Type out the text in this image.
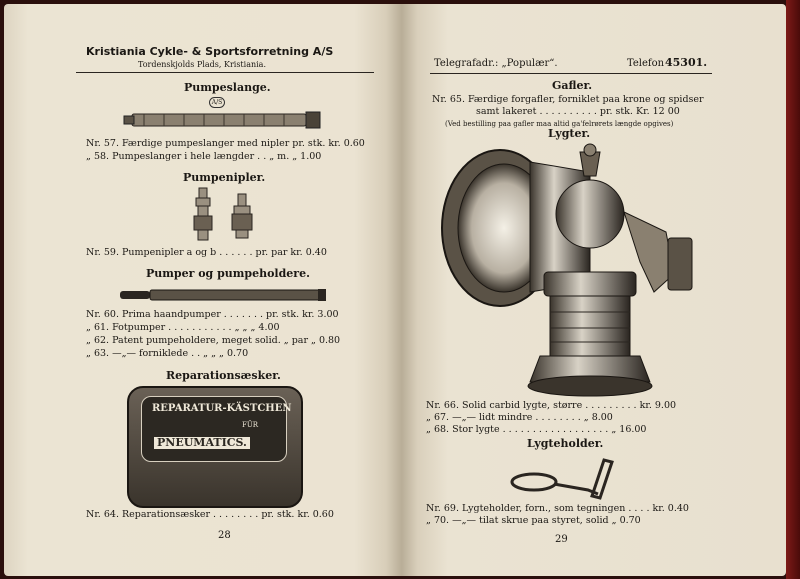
Kristiania Cykle- & Sportsforretning A/S
Tordenskjolds Plads, Kristiania.
Pumpeslange.
A/S
Nr. 57. Færdige pumpeslanger med nipler pr. stk. kr. 0.60
„ 58. Pumpeslanger i hele længder . . „ m. „ 1.00
Pumpenipler.
Nr. 59. Pumpenipler a og b . . . . . . pr. par kr. 0.40
Pumper og pumpeholdere.
Nr. 60. Prima haandpumper . . . . . . . pr. stk. kr. 3.00
„ 61. Fotpumper . . . . . . . . . . . „ „ „ 4.00
„ 62. Patent pumpeholdere, meget solid. „ par „ 0.80
„ 63. —„— forniklede . . „ „ „ 0.70
Reparationsæsker.
REPARATUR-KÄSTCHEN
FÜR
PNEUMATICS.
Nr. 64. Reparationsæsker . . . . . . . . pr. stk. kr. 0.60
28
Telegrafadr.: „Populær“.	Telefon 45301.
Gafler.
Nr. 65. Færdige forgafler, forniklet paa krone og spidser
samt lakeret . . . . . . . . . . pr. stk. Kr. 12 00
(Ved bestilling paa gafler maa altid ga'felrørets længde opgives)
Lygter.
Nr. 66. Solid carbid lygte, større . . . . . . . . . kr. 9.00
„ 67. —„— lidt mindre . . . . . . . . „ 8.00
„ 68. Stor lygte . . . . . . . . . . . . . . . . . . „ 16.00
Lygteholder.
Nr. 69. Lygteholder, forn., som tegningen . . . . kr. 0.40
„ 70. —„— tilat skrue paa styret, solid „ 0.70
29
